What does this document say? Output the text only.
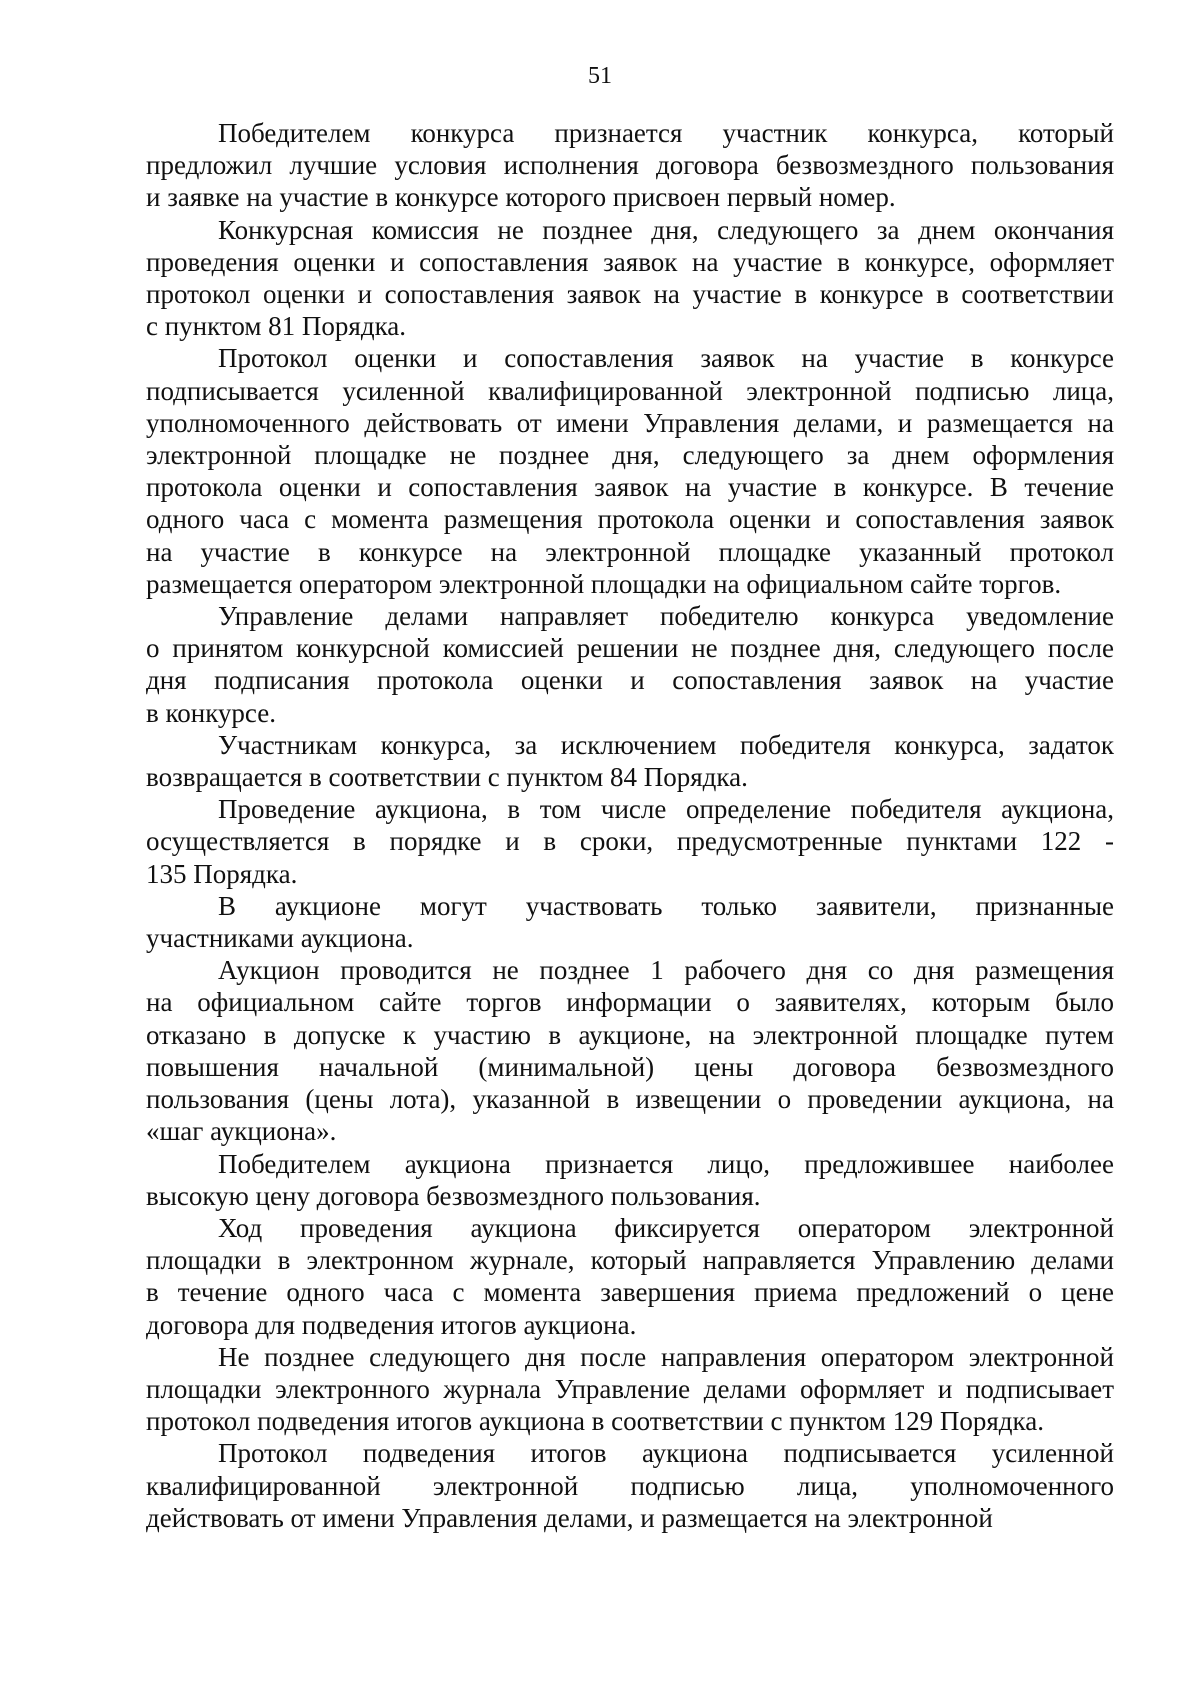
51
Победителем конкурса признается участник конкурса, который
предложил лучшие условия исполнения договора безвозмездного пользования
и заявке на участие в конкурсе которого присвоен первый номер.
Конкурсная комиссия не позднее дня, следующего за днем окончания
проведения оценки и сопоставления заявок на участие в конкурсе, оформляет
протокол оценки и сопоставления заявок на участие в конкурсе в соответствии
с пунктом 81 Порядка.
Протокол оценки и сопоставления заявок на участие в конкурсе
подписывается усиленной квалифицированной электронной подписью лица,
уполномоченного действовать от имени Управления делами, и размещается на
электронной площадке не позднее дня, следующего за днем оформления
протокола оценки и сопоставления заявок на участие в конкурсе. В течение
одного часа с момента размещения протокола оценки и сопоставления заявок
на участие в конкурсе на электронной площадке указанный протокол
размещается оператором электронной площадки на официальном сайте торгов.
Управление делами направляет победителю конкурса уведомление
о принятом конкурсной комиссией решении не позднее дня, следующего после
дня подписания протокола оценки и сопоставления заявок на участие
в конкурсе.
Участникам конкурса, за исключением победителя конкурса, задаток
возвращается в соответствии с пунктом 84 Порядка.
Проведение аукциона, в том числе определение победителя аукциона,
осуществляется в порядке и в сроки, предусмотренные пунктами 122 -
135 Порядка.
В аукционе могут участвовать только заявители, признанные
участниками аукциона.
Аукцион проводится не позднее 1 рабочего дня со дня размещения
на официальном сайте торгов информации о заявителях, которым было
отказано в допуске к участию в аукционе, на электронной площадке путем
повышения начальной (минимальной) цены договора безвозмездного
пользования (цены лота), указанной в извещении о проведении аукциона, на
«шаг аукциона».
Победителем аукциона признается лицо, предложившее наиболее
высокую цену договора безвозмездного пользования.
Ход проведения аукциона фиксируется оператором электронной
площадки в электронном журнале, который направляется Управлению делами
в течение одного часа с момента завершения приема предложений о цене
договора для подведения итогов аукциона.
Не позднее следующего дня после направления оператором электронной
площадки электронного журнала Управление делами оформляет и подписывает
протокол подведения итогов аукциона в соответствии с пунктом 129 Порядка.
Протокол подведения итогов аукциона подписывается усиленной
квалифицированной электронной подписью лица, уполномоченного
действовать от имени Управления делами, и размещается на электронной
